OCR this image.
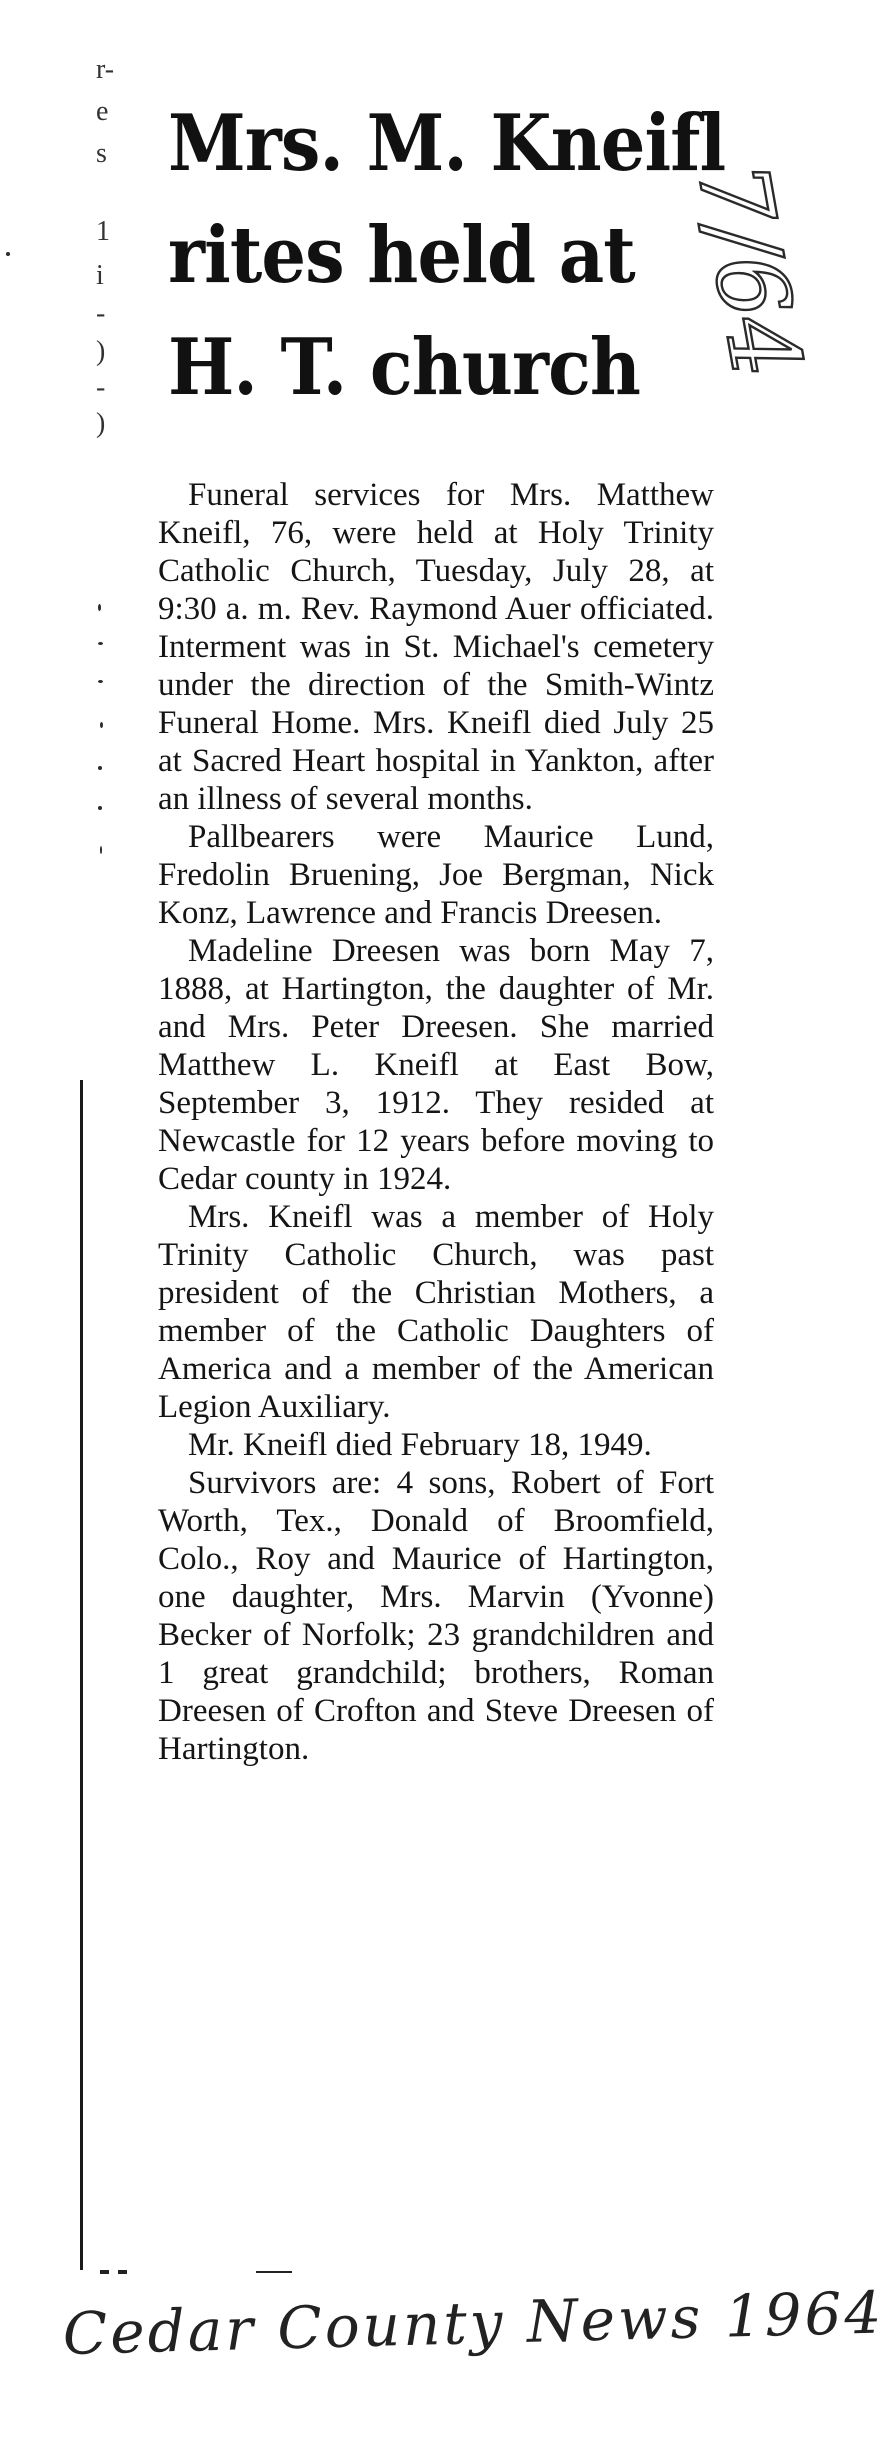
r-
e
s
1
i
-
)
-
)
Mrs. M. Kneifl
rites held at
H. T. church 7/64

Funeral services for Mrs. Matthew Kneifl, 76, were held at Holy Trinity Catholic Church, Tuesday, July 28, at 9:30 a. m. Rev. Raymond Auer officiated. Interment was in St. Michael's cemetery under the direction of the Smith-Wintz Funeral Home. Mrs. Kneifl died July 25 at Sacred Heart hospital in Yankton, after an illness of several months.

Pallbearers were Maurice Lund, Fredolin Bruening, Joe Bergman, Nick Konz, Lawrence and Francis Dreesen.

Madeline Dreesen was born May 7, 1888, at Hartington, the daughter of Mr. and Mrs. Peter Dreesen. She married Matthew L. Kneifl at East Bow, September 3, 1912. They resided at Newcastle for 12 years before moving to Cedar county in 1924.

Mrs. Kneifl was a member of Holy Trinity Catholic Church, was past president of the Christian Mothers, a member of the Catholic Daughters of America and a member of the American Legion Auxiliary.

Mr. Kneifl died February 18, 1949.

Survivors are: 4 sons, Robert of Fort Worth, Tex., Donald of Broomfield, Colo., Roy and Maurice of Hartington, one daughter, Mrs. Marvin (Yvonne) Becker of Norfolk; 23 grandchildren and 1 great grandchild; brothers, Roman Dreesen of Crofton and Steve Dreesen of Hartington.

Cedar County News 1964
